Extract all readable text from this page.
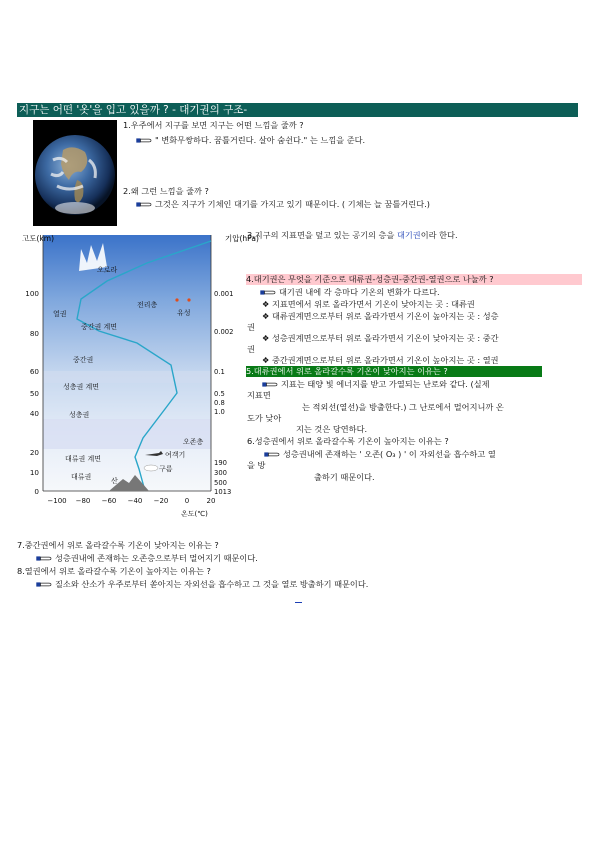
지구는 어떤 '옷'을 입고 있을까 ? - 대기권의 구조-
1.우주에서 지구를 보면 지구는 어떤 느낌을 줄까 ?
" 변화무쌍하다. 꿈틀거린다. 살아 숨쉰다." 는 느낌을 준다.
2.왜 그런 느낌을 줄까 ?
그것은 지구가 기체인 대기를 가지고 있기 때문이다. ( 기체는 늘 꿈틀거린다.)
고도(km)	기압(hPa)
100
80
60
50
40
20
10
0
0.001
0.002
0.1
0.5
0.8
1.0
190
300
500
1013
−100 −80 −60 −40 −20 0 20
온도(℃)
오로라
열권
중간권 계면
중간권
성층권 계면
성층권
오존층
대류권 계면
대류권
전리층
유성
여객기
구름
산
3.지구의 지표면을 덮고 있는 공기의 층을 대기권이라 한다.
4.대기권은 무엇을 기준으로 대류권-성층권-중간권-열권으로 나눌까 ?
대기권 내에 각 층마다 기온의 변화가 다르다.
❖ 지표면에서 위로 올라가면서 기온이 낮아지는 곳 : 대류권
❖ 대류권계면으로부터 위로 올라가면서 기온이 높아지는 곳 : 성층
권
❖ 성층권계면으로부터 위로 올라가면서 기온이 낮아지는 곳 : 중간
권
❖ 중간권계면으로부터 위로 올라가면서 기온이 높아지는 곳 : 열권
5.대류권에서 위로 올라갈수록 기온이 낮아지는 이유는 ?
지표는 태양 빛 에너지를 받고 가열되는 난로와 같다. (실제
지표면
는 적외선(열선)을 방출한다.) 그 난로에서 멀어지니까 온
도가 낮아
지는 것은 당연하다.
6.성층권에서 위로 올라갈수록 기온이 높아지는 이유는 ?
성층권내에 존재하는 ' 오존( O₃ ) ' 이 자외선을 흡수하고 열
을 방
출하기 때문이다.
7.중간권에서 위로 올라갈수록 기온이 낮아지는 이유는 ?
성층권내에 존재하는 오존층으로부터 멀어지기 때문이다.
8.열권에서 위로 올라갈수록 기온이 높아지는 이유는 ?
질소와 산소가 우주로부터 쏟아지는 자외선을 흡수하고 그 것을 열로 방출하기 때문이다.
